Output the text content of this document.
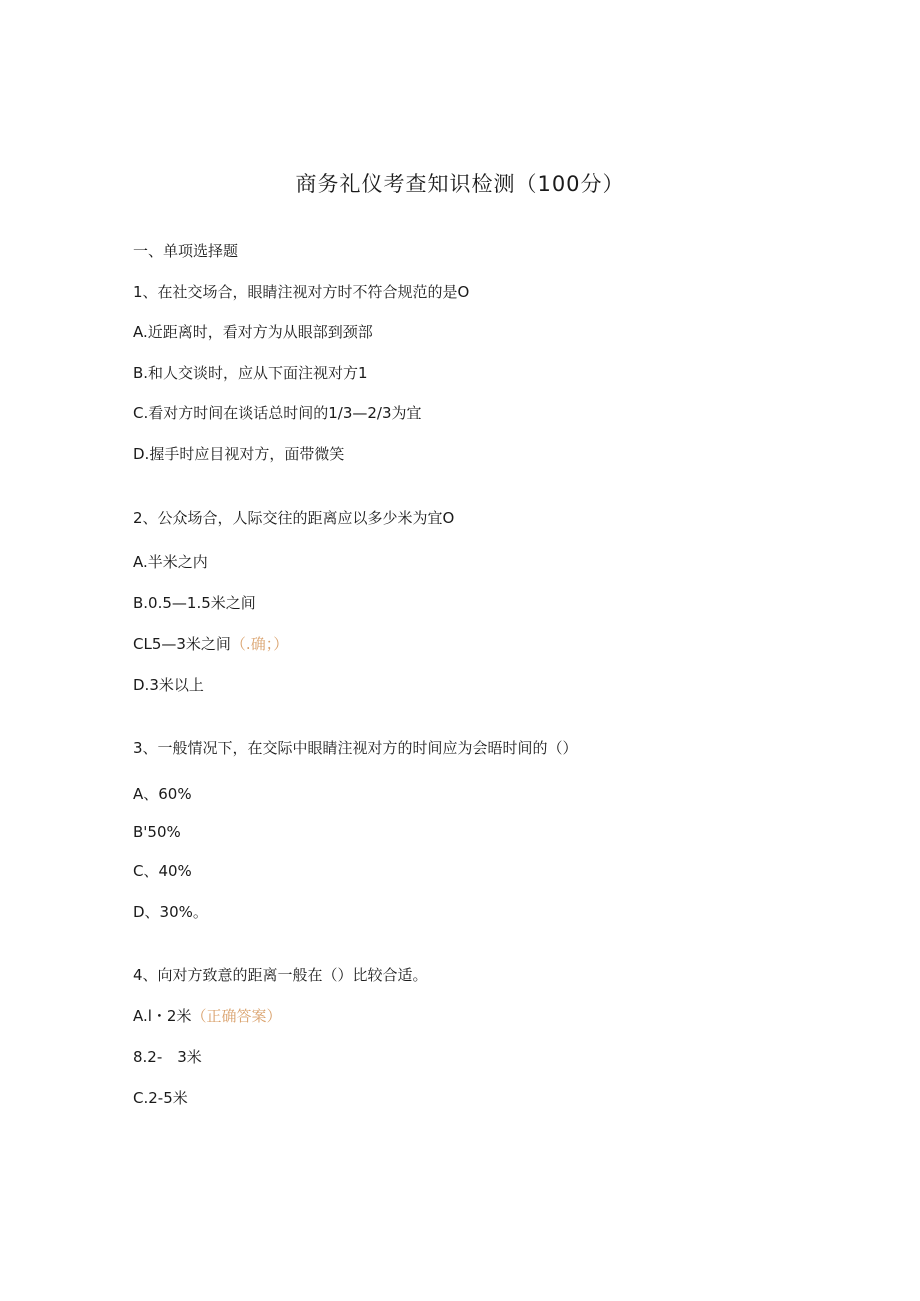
商务礼仪考查知识检测（100分）
一、单项选择题
1、在社交场合，眼睛注视对方时不符合规范的是O
A.近距离时，看对方为从眼部到颈部
B.和人交谈时，应从下面注视对方1
C.看对方时间在谈话总时间的1/3—2/3为宜
D.握手时应目视对方，面带微笑
2、公众场合，人际交往的距离应以多少米为宜O
A.半米之内
B.0.5—1.5米之间
CL5—3米之间（.确；）
D.3米以上
3、一般情况下，在交际中眼睛注视对方的时间应为会晤时间的（）
A、60%
B'50%
C、40%
D、30%。
4、向对方致意的距离一般在（）比较合适。
A.l・2米（正确答案）
8.2-　3米
C.2-5米
